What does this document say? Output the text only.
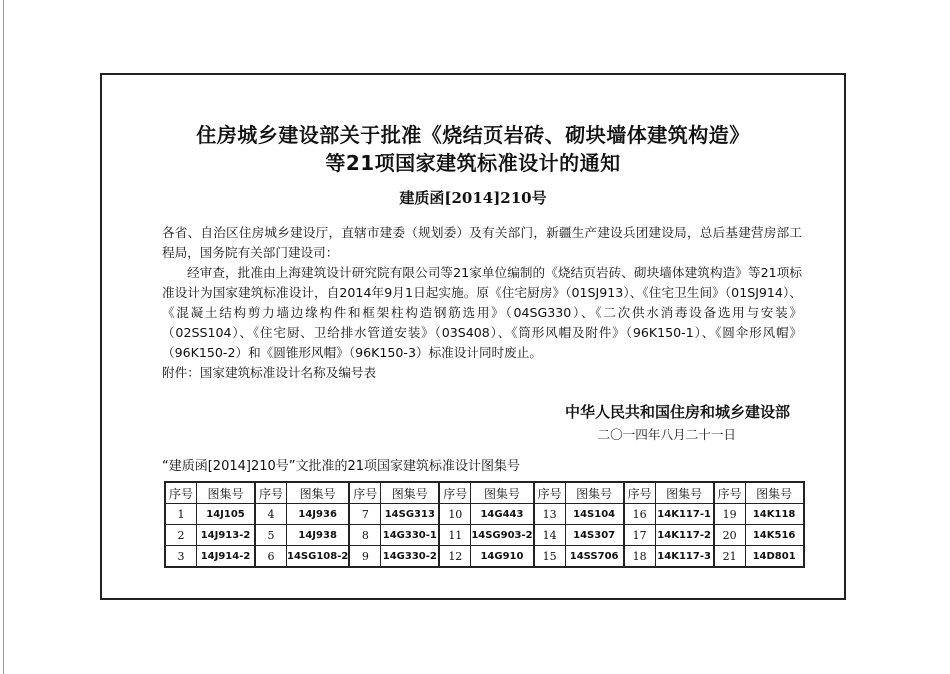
住房城乡建设部关于批准《烧结页岩砖、砌块墙体建筑构造》
等21项国家建筑标准设计的通知
建质函[2014]210号

各省、自治区住房城乡建设厅，直辖市建委（规划委）及有关部门，新疆生产建设兵团建设局，总后基建营房部工程局，国务院有关部门建设司：

经审查，批准由上海建筑设计研究院有限公司等21家单位编制的《烧结页岩砖、砌块墙体建筑构造》等21项标准设计为国家建筑标准设计，自2014年9月1日起实施。原《住宅厨房》（01SJ913）、《住宅卫生间》（01SJ914）、《混凝土结构剪力墙边缘构件和框架柱构造钢筋选用》（04SG330）、《二次供水消毒设备选用与安装》（02SS104）、《住宅厨、卫给排水管道安装》（03S408）、《筒形风帽及附件》（96K150-1）、《圆伞形风帽》（96K150-2）和《圆锥形风帽》（96K150-3）标准设计同时废止。

附件：国家建筑标准设计名称及编号表

中华人民共和国住房和城乡建设部
二〇一四年八月二十一日
“建质函[2014]210号”文批准的21项国家建筑标准设计图集号
序号	图集号	序号	图集号	序号	图集号	序号	图集号	序号	图集号	序号	图集号	序号	图集号
1	14J105	4	14J936	7	14SG313	10	14G443	13	14S104	16	14K117-1	19	14K118
2	14J913-2	5	14J938	8	14G330-1	11	14SG903-2	14	14S307	17	14K117-2	20	14K516
3	14J914-2	6	14SG108-2	9	14G330-2	12	14G910	15	14SS706	18	14K117-3	21	14D801
